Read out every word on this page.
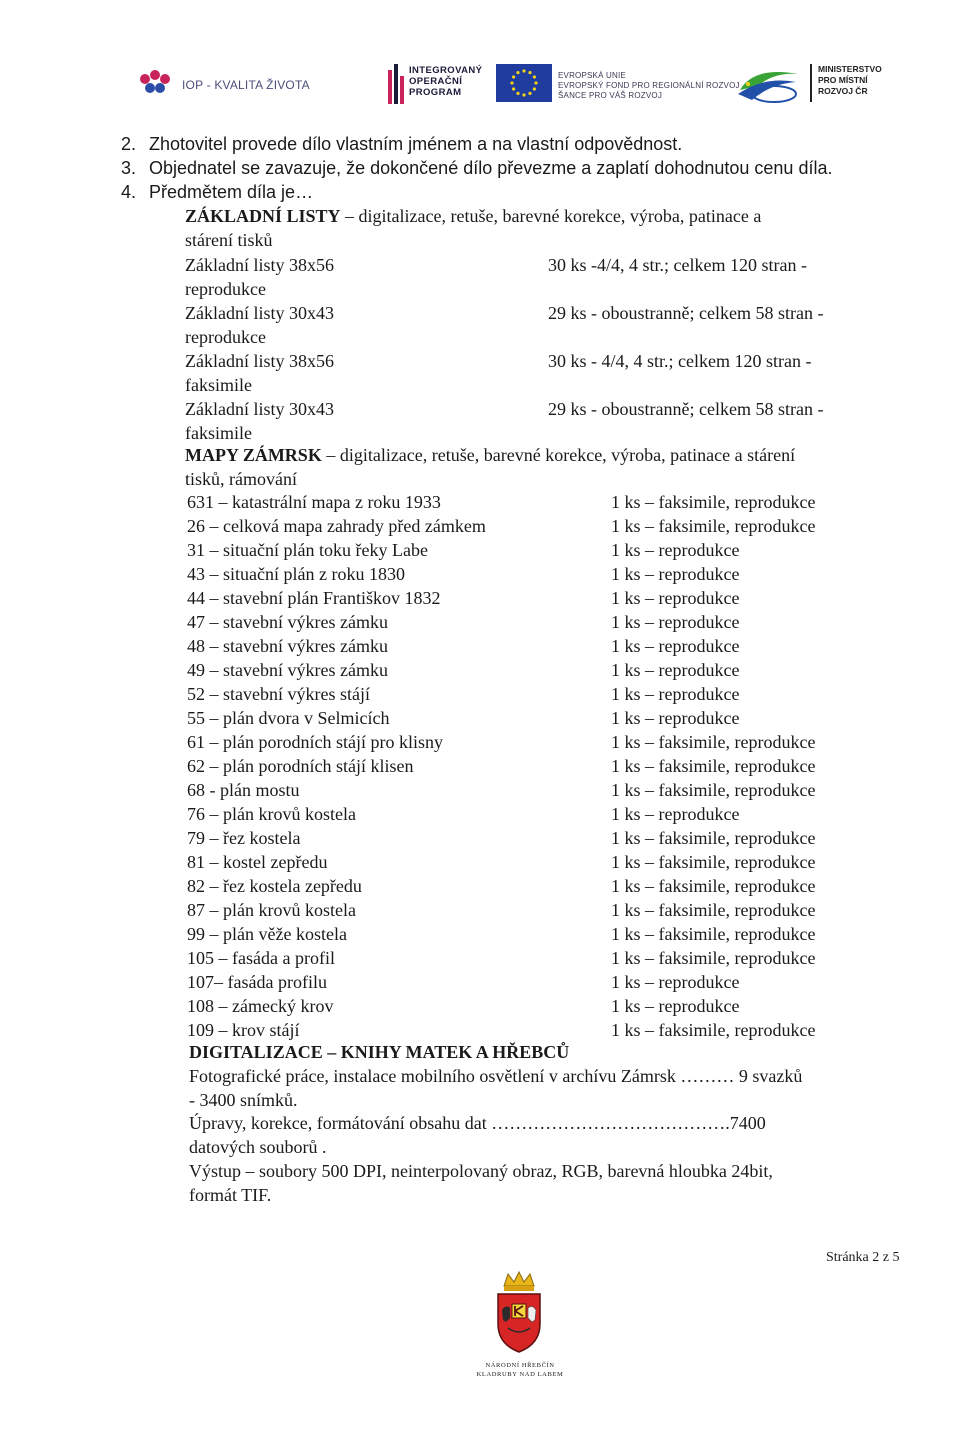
IOP - KVALITA ŽIVOTA
INTEGROVANÝ
OPERAČNÍ
PROGRAM
EVROPSKÁ UNIE
EVROPSKÝ FOND PRO REGIONÁLNÍ ROZVOJ
ŠANCE PRO VÁŠ ROZVOJ
MINISTERSTVO
PRO MÍSTNÍ
ROZVOJ ČR
2. Zhotovitel provede dílo vlastním jménem a na vlastní odpovědnost.
3. Objednatel se zavazuje, že dokončené dílo převezme a zaplatí dohodnutou cenu díla.
4. Předmětem díla je…
ZÁKLADNÍ LISTY – digitalizace, retuše, barevné korekce, výroba, patinace a
stárení tisků
Základní listy 38x56	30 ks -4/4, 4 str.; celkem 120 stran -
reprodukce
Základní listy 30x43	29 ks - oboustranně; celkem 58 stran -
reprodukce
Základní listy 38x56	30 ks - 4/4, 4 str.; celkem 120 stran -
faksimile
Základní listy 30x43	29 ks - oboustranně; celkem 58 stran -
faksimile
MAPY ZÁMRSK – digitalizace, retuše, barevné korekce, výroba, patinace a stárení
tisků, rámování
631 – katastrální mapa z roku 1933	1 ks – faksimile, reprodukce
26 – celková mapa zahrady před zámkem	1 ks – faksimile, reprodukce
31 – situační plán toku řeky Labe	1 ks – reprodukce
43 – situační plán z roku 1830	1 ks – reprodukce
44 – stavební plán Františkov 1832	1 ks – reprodukce
47 – stavební výkres zámku	1 ks – reprodukce
48 – stavební výkres zámku	1 ks – reprodukce
49 – stavební výkres zámku	1 ks – reprodukce
52 – stavební výkres stájí	1 ks – reprodukce
55 – plán dvora v Selmicích	1 ks – reprodukce
61 – plán porodních stájí pro klisny	1 ks – faksimile, reprodukce
62 – plán porodních stájí klisen	1 ks – faksimile, reprodukce
68 - plán mostu	1 ks – faksimile, reprodukce
76 – plán krovů kostela	1 ks – reprodukce
79 – řez kostela	1 ks – faksimile, reprodukce
81 – kostel zepředu	1 ks – faksimile, reprodukce
82 – řez kostela zepředu	1 ks – faksimile, reprodukce
87 – plán krovů kostela	1 ks – faksimile, reprodukce
99 – plán věže kostela	1 ks – faksimile, reprodukce
105 – fasáda a profil	1 ks – faksimile, reprodukce
107– fasáda profilu	1 ks – reprodukce
108 – zámecký krov	1 ks – reprodukce
109 – krov stájí	1 ks – faksimile, reprodukce
DIGITALIZACE – KNIHY MATEK A HŘEBCŮ
Fotografické práce, instalace mobilního osvětlení v archívu Zámrsk ……… 9 svazků
- 3400 snímků.
Úpravy, korekce, formátování obsahu dat ………………………………….7400
datových souborů .
Výstup – soubory 500 DPI, neinterpolovaný obraz, RGB, barevná hloubka 24bit,
formát TIF.
Stránka 2 z 5
NÁRODNÍ HŘEBČÍN
KLADRUBY NAD LABEM
